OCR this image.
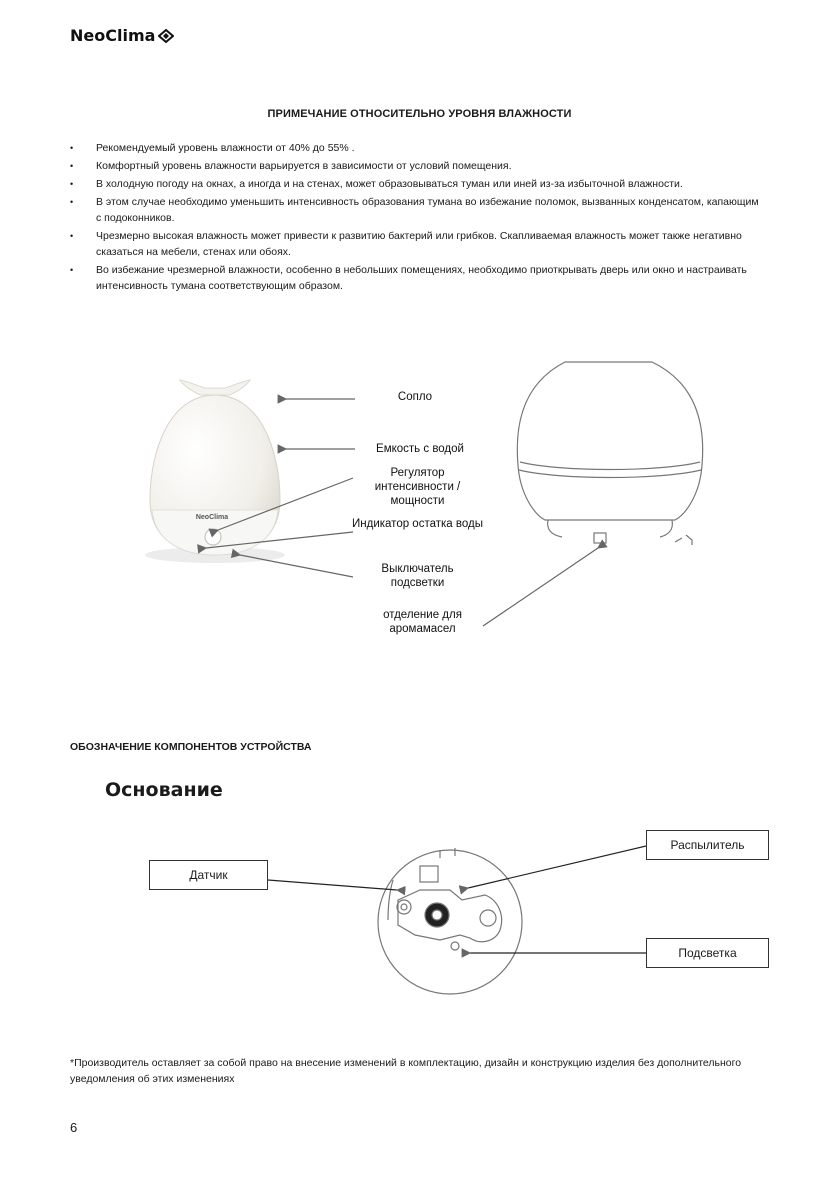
NeoClima
ПРИМЕЧАНИЕ ОТНОСИТЕЛЬНО УРОВНЯ ВЛАЖНОСТИ
• Рекомендуемый уровень влажности от 40% до 55% .
• Комфортный уровень влажности варьируется в зависимости от условий помещения.
• В холодную погоду на окнах, а иногда и на стенах, может образовываться туман или иней из-за избыточной влажности.
• В этом случае необходимо уменьшить интенсивность образования тумана во избежание поломок, вызванных конденсатом, капающим с подоконников.
• Чрезмерно высокая влажность может привести к развитию бактерий или грибков. Скапливаемая влажность может также негативно сказаться на мебели, стенах или обоях.
• Во избежание чрезмерной влажности, особенно в небольших помещениях, необходимо приоткрывать дверь или окно и настраивать интенсивность тумана соответствующим образом.
NeoClima
Сопло
Емкость с водой
Регулятор интенсивности / мощности
Индикатор остатка воды
Выключатель подсветки
отделение для аромамасел
ОБОЗНАЧЕНИЕ КОМПОНЕНТОВ УСТРОЙСТВА
Основание
Датчик
Распылитель
Подсветка
*Производитель оставляет за собой право на внесение изменений в комплектацию, дизайн и конструкцию изделия без дополнительного уведомления об этих изменениях
6
